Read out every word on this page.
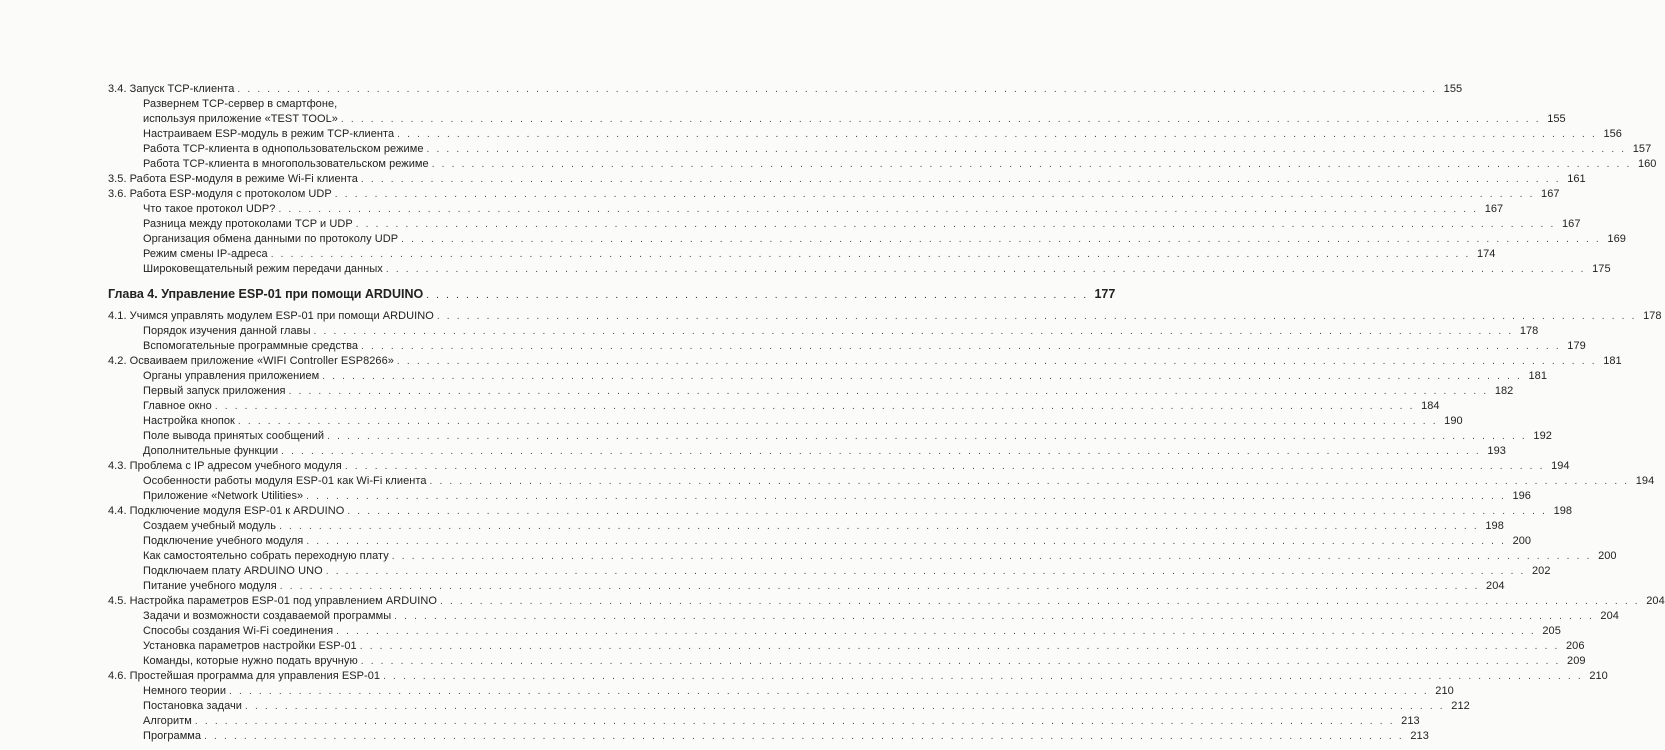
3.4. Запуск TCP-клиента . . .	155
Развернем TCP-сервер в смартфоне,
используя приложение «TEST TOOL» . . .	155
Настраиваем ESP-модуль в режим TCP-клиента . . .	156
Работа TCP-клиента в однопользовательском режиме . . .	157
Работа TCP-клиента в многопользовательском режиме . . .	160
3.5. Работа ESP-модуля в режиме Wi-Fi клиента . . .	161
3.6. Работа ESP-модуля с протоколом UDP . . .	167
Что такое протокол UDP? . . .	167
Разница между протоколами TCP и UDP . . .	167
Организация обмена данными по протоколу UDP . . .	169
Режим смены IP-адреса . . .	174
Широковещательный режим передачи данных . . .	175
Глава 4. Управление ESP-01 при помощи ARDUINO . . .	177
4.1. Учимся управлять модулем ESP-01 при помощи ARDUINO . . .	178
Порядок изучения данной главы . . .	178
Вспомогательные программные средства . . .	179
4.2. Осваиваем приложение «WIFI Controller ESP8266» . . .	181
Органы управления приложением . . .	181
Первый запуск приложения . . .	182
Главное окно . . .	184
Настройка кнопок . . .	190
Поле вывода принятых сообщений . . .	192
Дополнительные функции . . .	193
4.3. Проблема с IP адресом учебного модуля . . .	194
Особенности работы модуля ESP-01 как Wi-Fi клиента . . .	194
Приложение «Network Utilities» . . .	196
4.4. Подключение модуля ESP-01 к ARDUINO . . .	198
Создаем учебный модуль . . .	198
Подключение учебного модуля . . .	200
Как самостоятельно собрать переходную плату . . .	200
Подключаем плату ARDUINO UNO . . .	202
Питание учебного модуля . . .	204
4.5. Настройка параметров ESP-01 под управлением ARDUINO . . .	204
Задачи и возможности создаваемой программы . . .	204
Способы создания Wi-Fi соединения . . .	205
Установка параметров настройки ESP-01 . . .	206
Команды, которые нужно подать вручную . . .	209
4.6. Простейшая программа для управления ESP-01 . . .	210
Немного теории . . .	210
Постановка задачи . . .	212
Алгоритм . . .	213
Программа . . .	213
